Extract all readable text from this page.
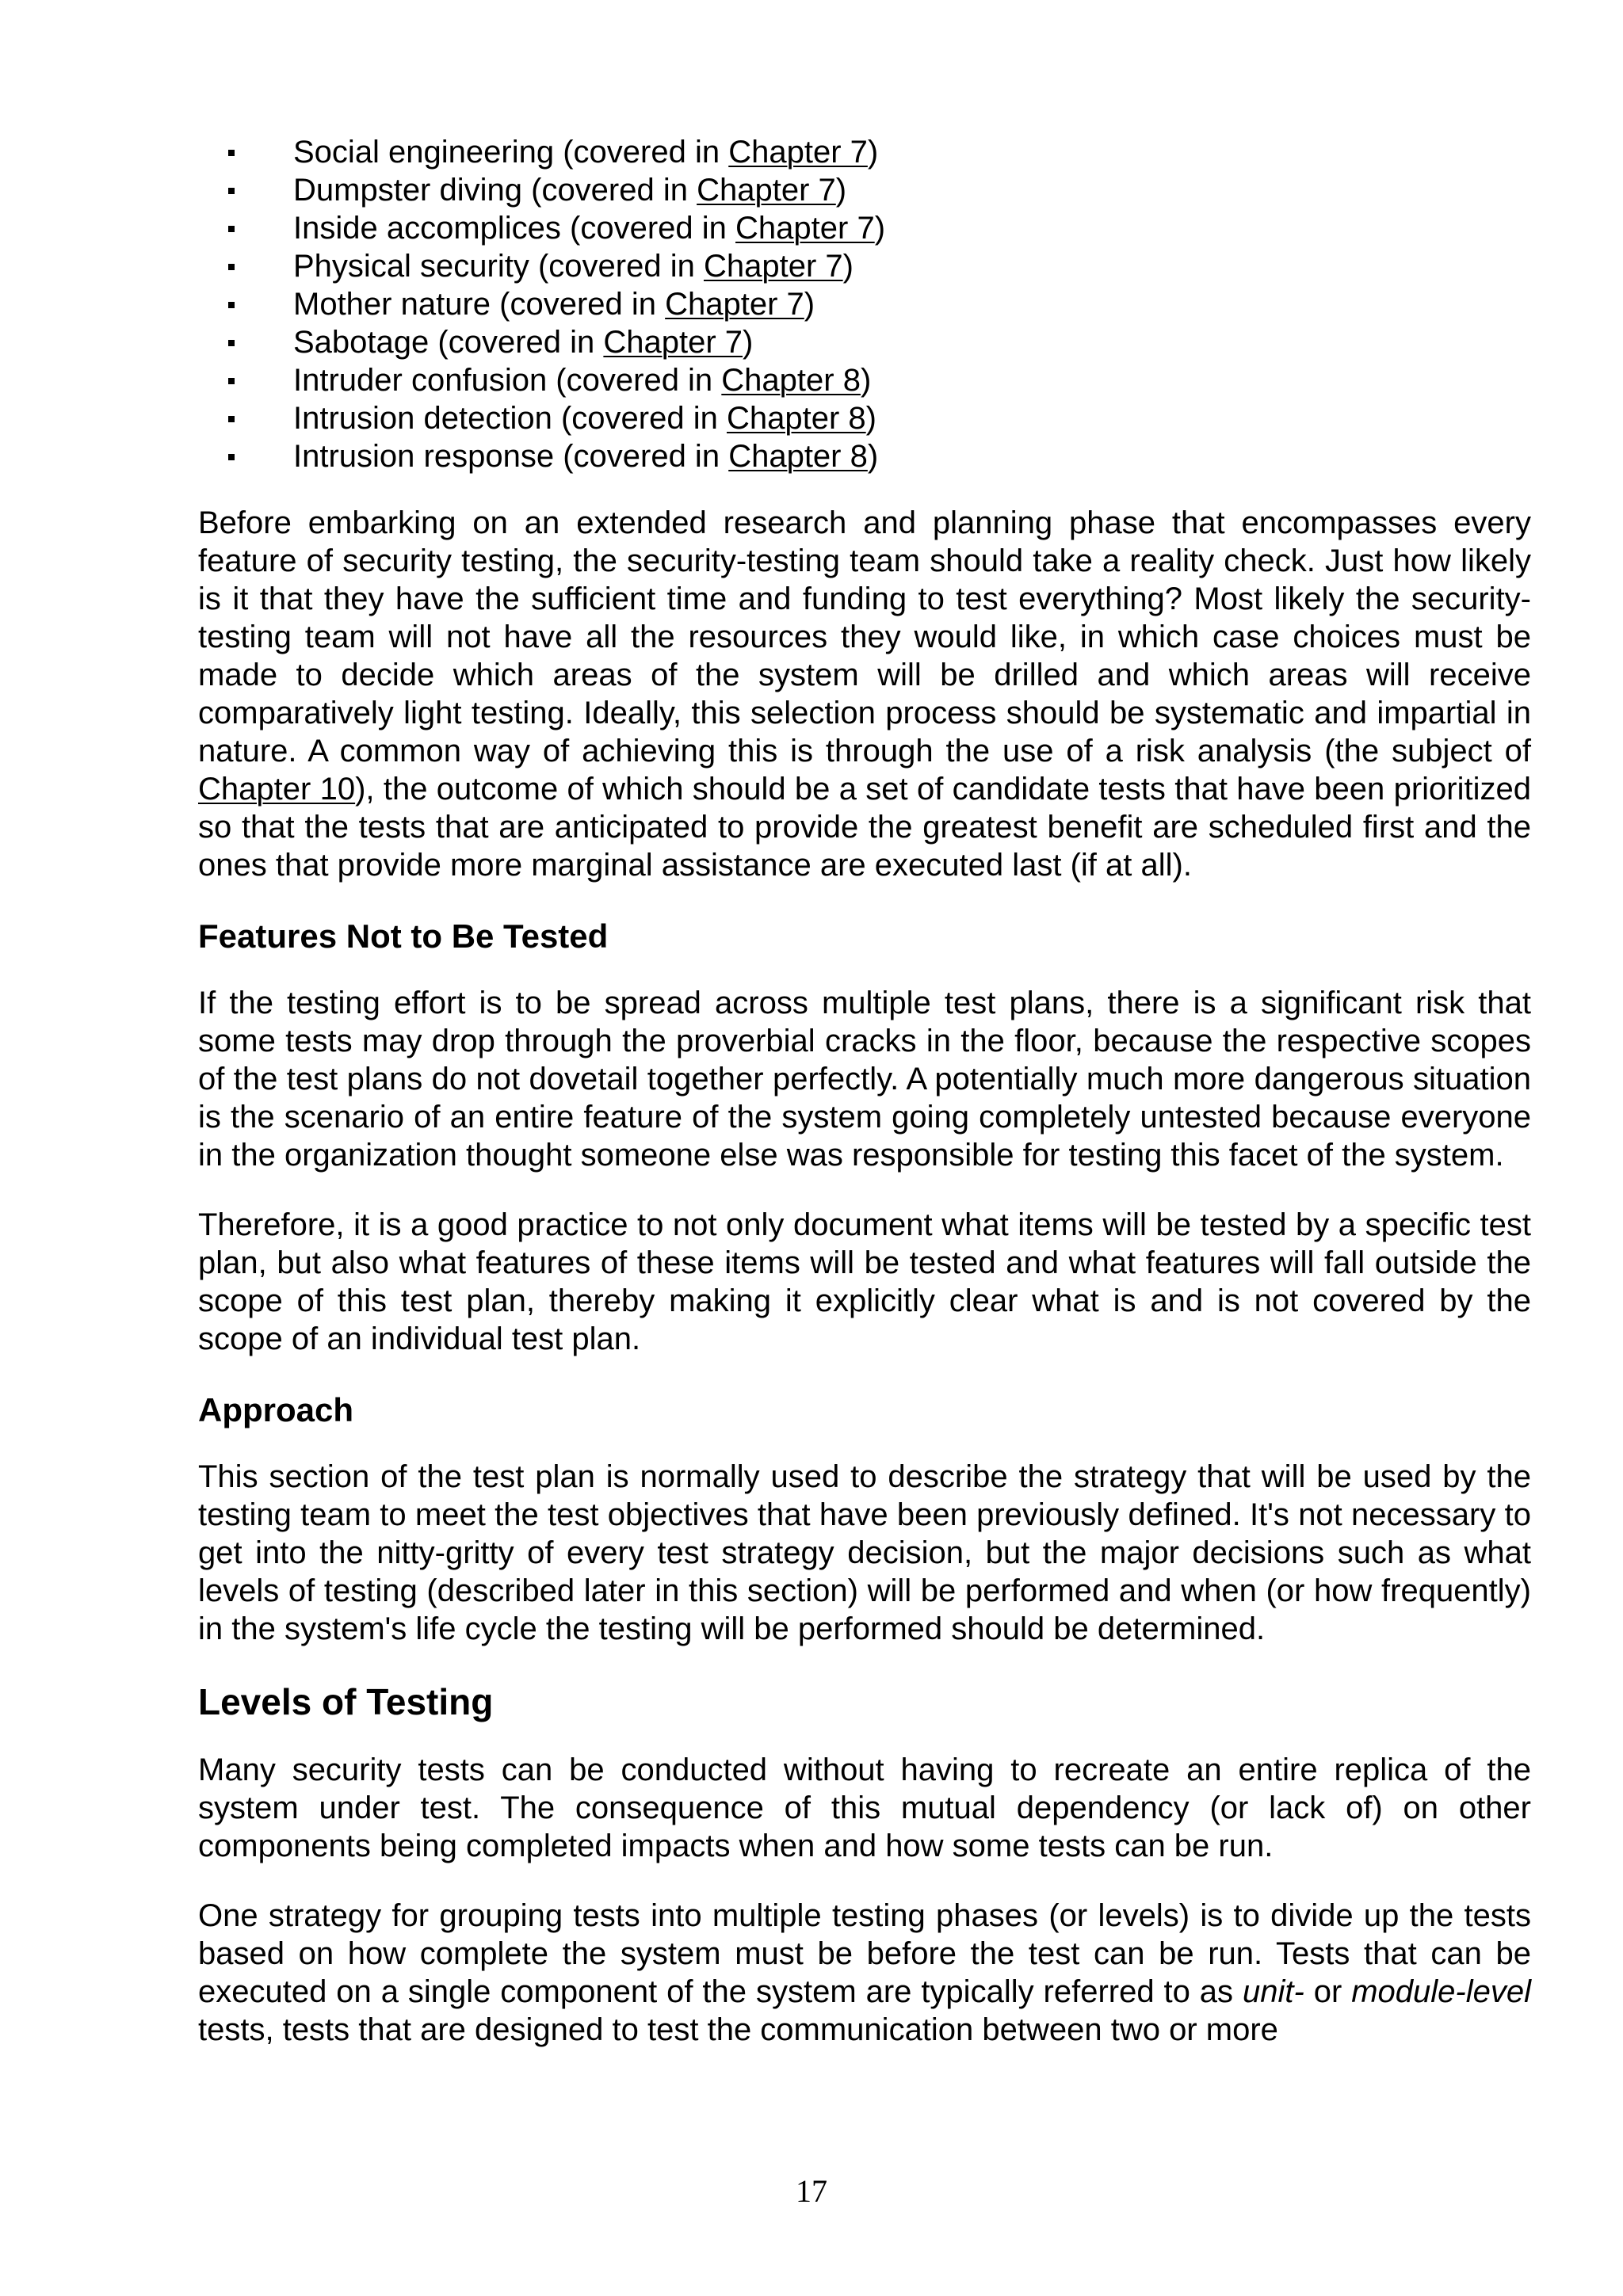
Social engineering (covered in Chapter 7)
Dumpster diving (covered in Chapter 7)
Inside accomplices (covered in Chapter 7)
Physical security (covered in Chapter 7)
Mother nature (covered in Chapter 7)
Sabotage (covered in Chapter 7)
Intruder confusion (covered in Chapter 8)
Intrusion detection (covered in Chapter 8)
Intrusion response (covered in Chapter 8)

Before embarking on an extended research and planning phase that encompasses every feature of security testing, the security-testing team should take a reality check. Just how likely is it that they have the sufficient time and funding to test everything? Most likely the security-testing team will not have all the resources they would like, in which case choices must be made to decide which areas of the system will be drilled and which areas will receive comparatively light testing. Ideally, this selection process should be systematic and impartial in nature. A common way of achieving this is through the use of a risk analysis (the subject of Chapter 10), the outcome of which should be a set of candidate tests that have been prioritized so that the tests that are anticipated to provide the greatest benefit are scheduled first and the ones that provide more marginal assistance are executed last (if at all).

Features Not to Be Tested

If the testing effort is to be spread across multiple test plans, there is a significant risk that some tests may drop through the proverbial cracks in the floor, because the respective scopes of the test plans do not dovetail together perfectly. A potentially much more dangerous situation is the scenario of an entire feature of the system going completely untested because everyone in the organization thought someone else was responsible for testing this facet of the system.

Therefore, it is a good practice to not only document what items will be tested by a specific test plan, but also what features of these items will be tested and what features will fall outside the scope of this test plan, thereby making it explicitly clear what is and is not covered by the scope of an individual test plan.

Approach

This section of the test plan is normally used to describe the strategy that will be used by the testing team to meet the test objectives that have been previously defined. It's not necessary to get into the nitty-gritty of every test strategy decision, but the major decisions such as what levels of testing (described later in this section) will be performed and when (or how frequently) in the system's life cycle the testing will be performed should be determined.

Levels of Testing

Many security tests can be conducted without having to recreate an entire replica of the system under test. The consequence of this mutual dependency (or lack of) on other components being completed impacts when and how some tests can be run.

One strategy for grouping tests into multiple testing phases (or levels) is to divide up the tests based on how complete the system must be before the test can be run. Tests that can be executed on a single component of the system are typically referred to as unit- or module-level tests, tests that are designed to test the communication between two or more

17
